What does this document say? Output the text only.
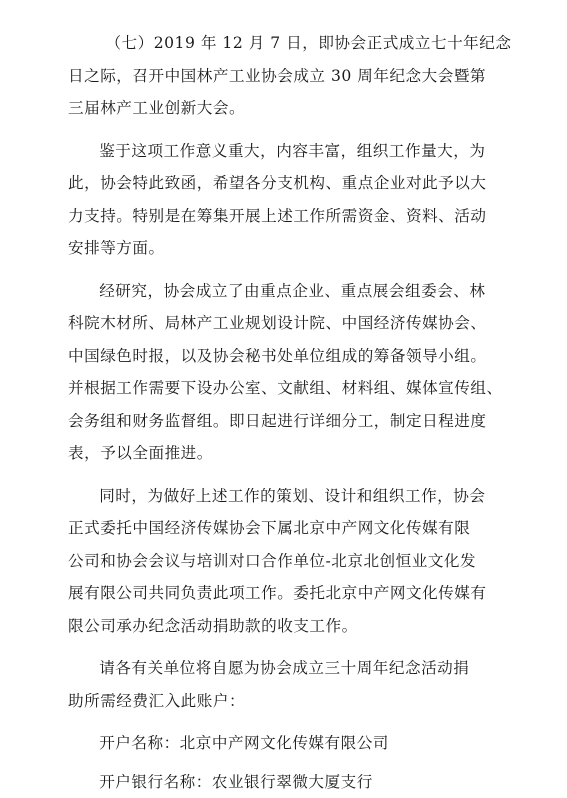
（七）2019 年 12 月 7 日，即协会正式成立七十年纪念
日之际，召开中国林产工业协会成立 30 周年纪念大会暨第
三届林产工业创新大会。

鉴于这项工作意义重大，内容丰富，组织工作量大，为
此，协会特此致函，希望各分支机构、重点企业对此予以大
力支持。特别是在筹集开展上述工作所需资金、资料、活动
安排等方面。

经研究，协会成立了由重点企业、重点展会组委会、林
科院木材所、局林产工业规划设计院、中国经济传媒协会、
中国绿色时报，以及协会秘书处单位组成的筹备领导小组。
并根据工作需要下设办公室、文献组、材料组、媒体宣传组、
会务组和财务监督组。即日起进行详细分工，制定日程进度
表，予以全面推进。

同时，为做好上述工作的策划、设计和组织工作，协会
正式委托中国经济传媒协会下属北京中产网文化传媒有限
公司和协会会议与培训对口合作单位-北京北创恒业文化发
展有限公司共同负责此项工作。委托北京中产网文化传媒有
限公司承办纪念活动捐助款的收支工作。

请各有关单位将自愿为协会成立三十周年纪念活动捐
助所需经费汇入此账户：

开户名称：北京中产网文化传媒有限公司

开户银行名称：农业银行翠微大厦支行
